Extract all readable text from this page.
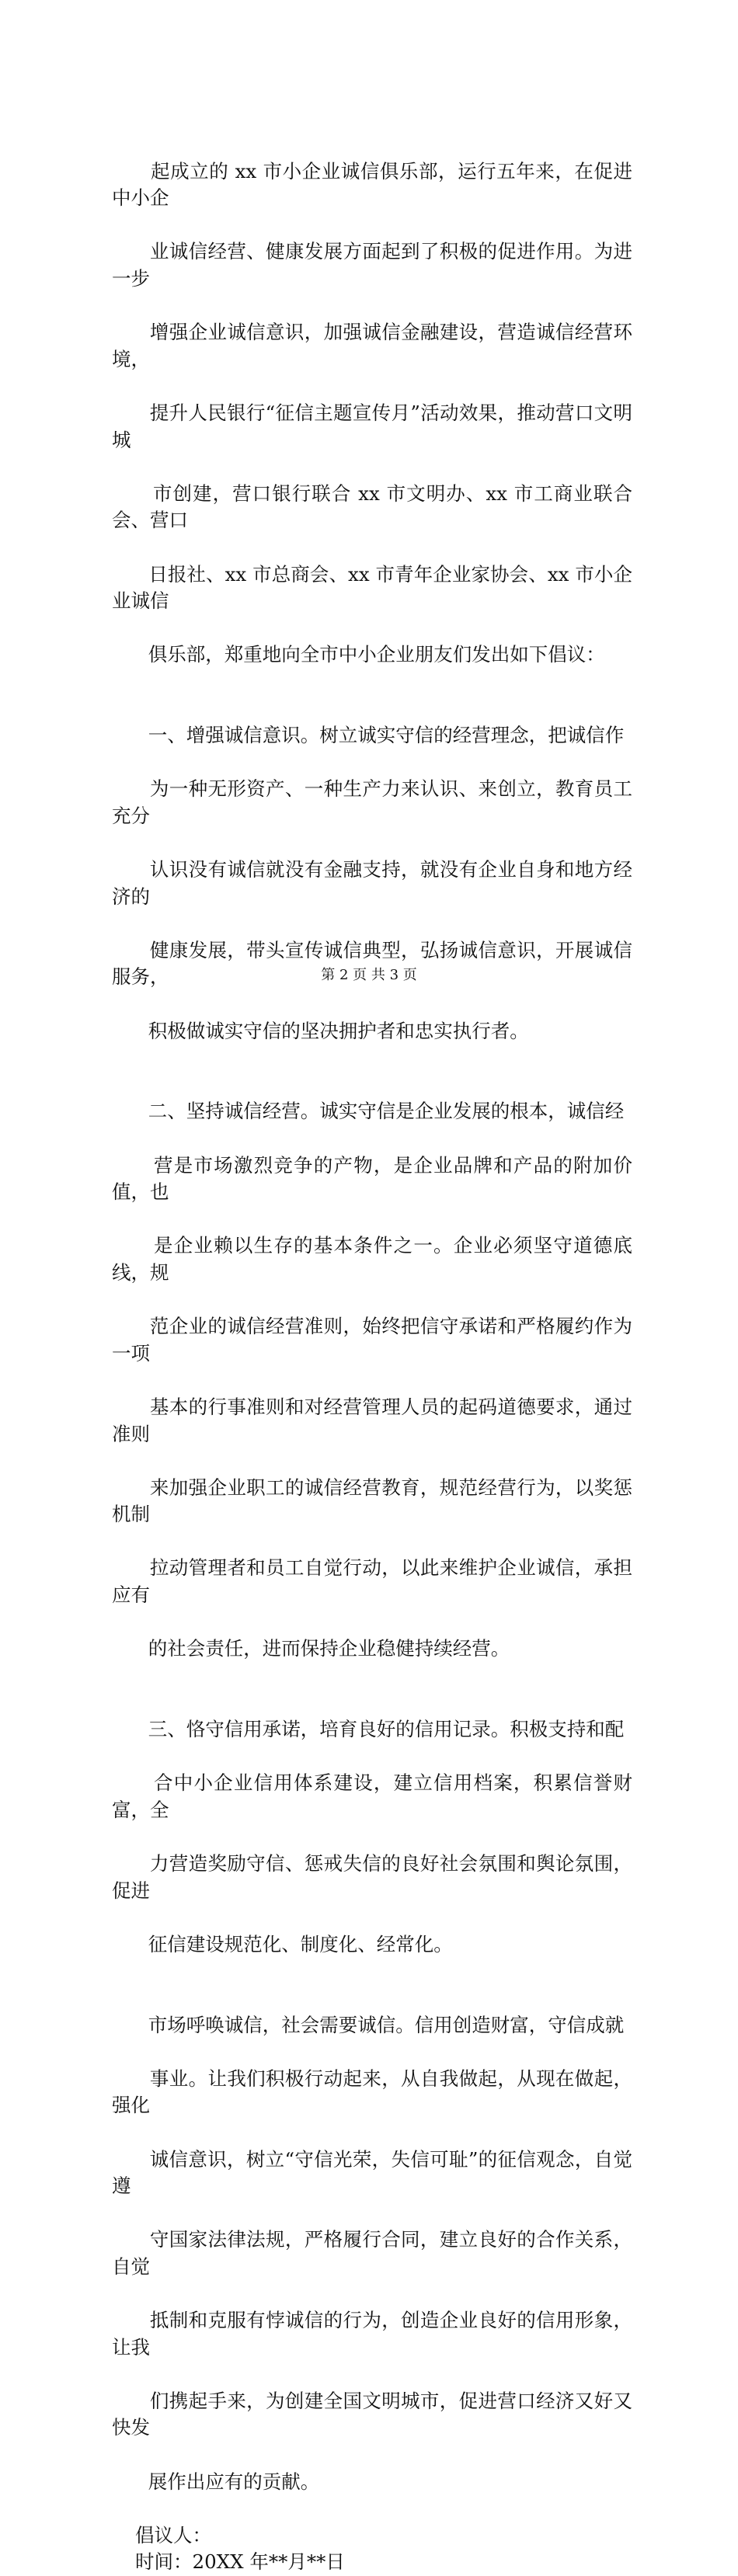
起成立的 xx 市小企业诚信俱乐部，运行五年来，在促进中小企

业诚信经营、健康发展方面起到了积极的促进作用。为进一步

增强企业诚信意识，加强诚信金融建设，营造诚信经营环境，

提升人民银行“征信主题宣传月”活动效果，推动营口文明城

市创建，营口银行联合 xx 市文明办、xx 市工商业联合会、营口

日报社、xx 市总商会、xx 市青年企业家协会、xx 市小企业诚信

俱乐部，郑重地向全市中小企业朋友们发出如下倡议：

一、增强诚信意识。树立诚实守信的经营理念，把诚信作

为一种无形资产、一种生产力来认识、来创立，教育员工充分

认识没有诚信就没有金融支持，就没有企业自身和地方经济的

健康发展，带头宣传诚信典型，弘扬诚信意识，开展诚信服务，

积极做诚实守信的坚决拥护者和忠实执行者。

二、坚持诚信经营。诚实守信是企业发展的根本，诚信经

营是市场激烈竞争的产物，是企业品牌和产品的附加价值，也

是企业赖以生存的基本条件之一。企业必须坚守道德底线，规

范企业的诚信经营准则，始终把信守承诺和严格履约作为一项

基本的行事准则和对经营管理人员的起码道德要求，通过准则

来加强企业职工的诚信经营教育，规范经营行为，以奖惩机制

拉动管理者和员工自觉行动，以此来维护企业诚信，承担应有

的社会责任，进而保持企业稳健持续经营。

三、恪守信用承诺，培育良好的信用记录。积极支持和配

合中小企业信用体系建设，建立信用档案，积累信誉财富，全

力营造奖励守信、惩戒失信的良好社会氛围和舆论氛围，促进

征信建设规范化、制度化、经常化。

市场呼唤诚信，社会需要诚信。信用创造财富，守信成就

事业。让我们积极行动起来，从自我做起，从现在做起，强化

诚信意识，树立“守信光荣，失信可耻”的征信观念，自觉遵

守国家法律法规，严格履行合同，建立良好的合作关系，自觉

抵制和克服有悖诚信的行为，创造企业良好的信用形象，让我

们携起手来，为创建全国文明城市，促进营口经济又好又快发

展作出应有的贡献。

倡议人：

时间：20XX 年**月**日

第 2 页 共 3 页
